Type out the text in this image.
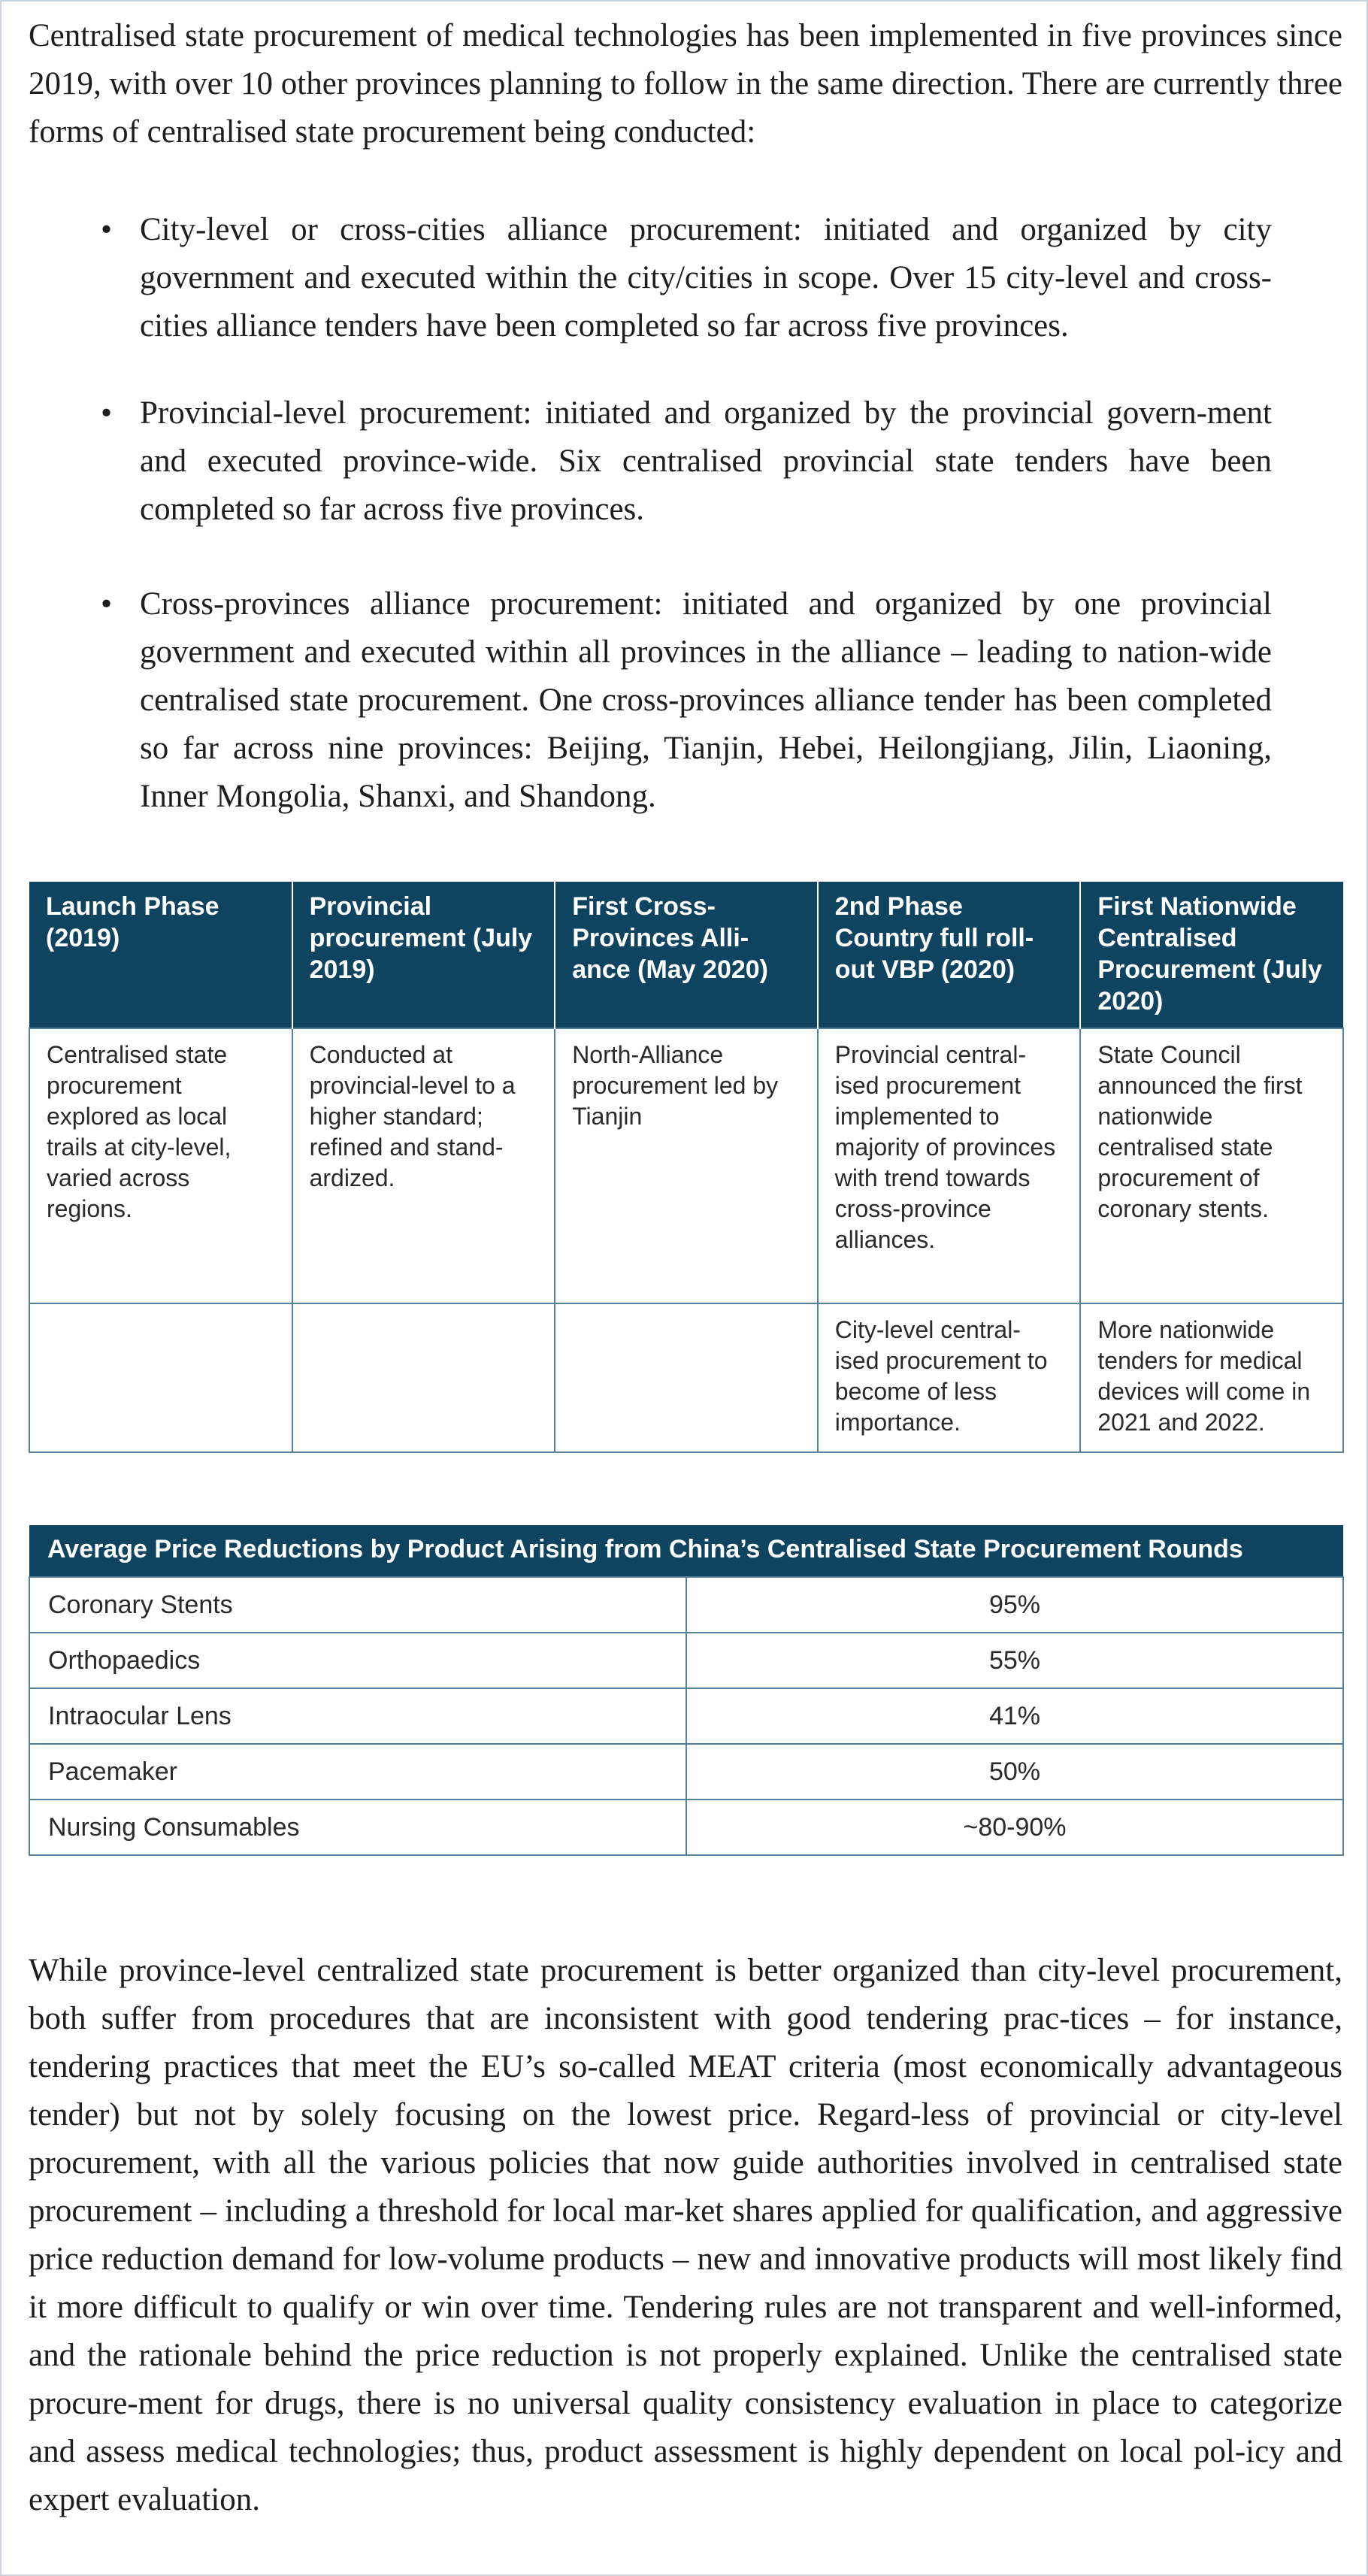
Centralised state procurement of medical technologies has been implemented in five provinces since 2019, with over 10 other provinces planning to follow in the same direction. There are currently three forms of centralised state procurement being conducted:

• City-level or cross-cities alliance procurement: initiated and organized by city government and executed within the city/cities in scope. Over 15 city-level and cross-cities alliance tenders have been completed so far across five provinces.

• Provincial-level procurement: initiated and organized by the provincial govern-ment and executed province-wide. Six centralised provincial state tenders have been completed so far across five provinces.

• Cross-provinces alliance procurement: initiated and organized by one provincial government and executed within all provinces in the alliance – leading to nation-wide centralised state procurement. One cross-provinces alliance tender has been completed so far across nine provinces: Beijing, Tianjin, Hebei, Heilongjiang, Jilin, Liaoning, Inner Mongolia, Shanxi, and Shandong.

Launch Phase (2019)	Provincial procurement (July 2019)	First Cross-Provinces Alli-ance (May 2020)	2nd Phase Country full roll-out VBP (2020)	First Nationwide Centralised Procurement (July 2020)
Centralised state procurement explored as local trails at city-level, varied across regions.	Conducted at provincial-level to a higher standard; refined and stand-ardized.	North-Alliance procurement led by Tianjin	Provincial central-ised procurement implemented to majority of provinces with trend towards cross-province alliances.	State Council announced the first nationwide centralised state procurement of coronary stents.
			City-level central-ised procurement to become of less importance.	More nationwide tenders for medical devices will come in 2021 and 2022.
Average Price Reductions by Product Arising from China’s Centralised State Procurement Rounds	
Coronary Stents	95%
Orthopaedics	55%
Intraocular Lens	41%
Pacemaker	50%
Nursing Consumables	~80-90%

While province-level centralized state procurement is better organized than city-level procurement, both suffer from procedures that are inconsistent with good tendering prac-tices – for instance, tendering practices that meet the EU’s so-called MEAT criteria (most economically advantageous tender) but not by solely focusing on the lowest price. Regard-less of provincial or city-level procurement, with all the various policies that now guide authorities involved in centralised state procurement – including a threshold for local mar-ket shares applied for qualification, and aggressive price reduction demand for low-volume products – new and innovative products will most likely find it more difficult to qualify or win over time. Tendering rules are not transparent and well-informed, and the rationale behind the price reduction is not properly explained. Unlike the centralised state procure-ment for drugs, there is no universal quality consistency evaluation in place to categorize and assess medical technologies; thus, product assessment is highly dependent on local pol-icy and expert evaluation.
